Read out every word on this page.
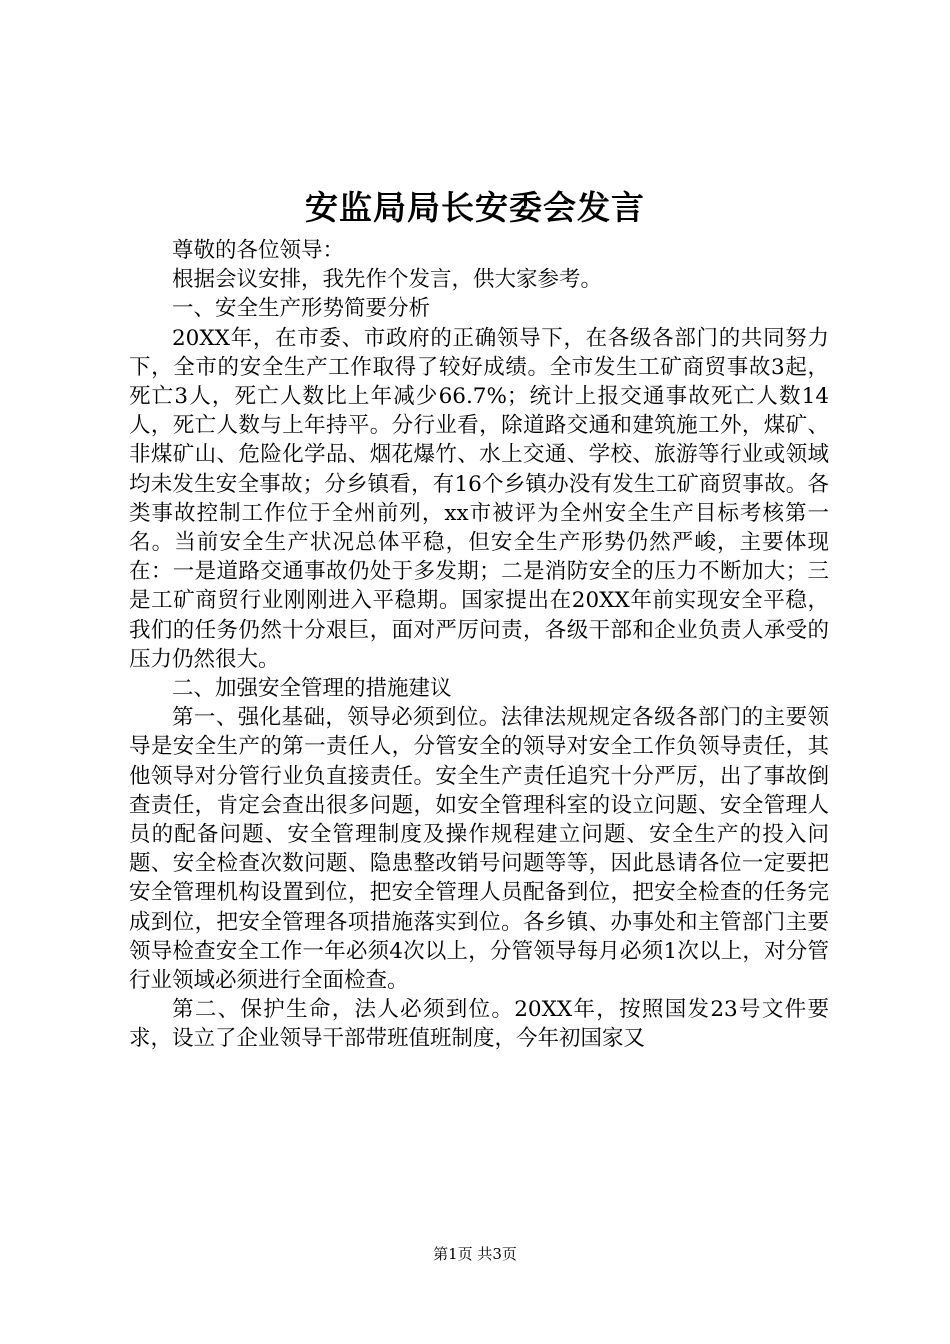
安监局局长安委会发言

尊敬的各位领导：

根据会议安排，我先作个发言，供大家参考。

一、安全生产形势简要分析

20XX年，在市委、市政府的正确领导下，在各级各部门的共同努力下，全市的安全生产工作取得了较好成绩。全市发生工矿商贸事故3起，死亡3人，死亡人数比上年减少66.7%；统计上报交通事故死亡人数14人，死亡人数与上年持平。分行业看，除道路交通和建筑施工外，煤矿、非煤矿山、危险化学品、烟花爆竹、水上交通、学校、旅游等行业或领域均未发生安全事故；分乡镇看，有16个乡镇办没有发生工矿商贸事故。各类事故控制工作位于全州前列，xx市被评为全州安全生产目标考核第一名。当前安全生产状况总体平稳，但安全生产形势仍然严峻，主要体现在：一是道路交通事故仍处于多发期；二是消防安全的压力不断加大；三是工矿商贸行业刚刚进入平稳期。国家提出在20XX年前实现安全平稳，我们的任务仍然十分艰巨，面对严厉问责，各级干部和企业负责人承受的压力仍然很大。

二、加强安全管理的措施建议

第一、强化基础，领导必须到位。法律法规规定各级各部门的主要领导是安全生产的第一责任人，分管安全的领导对安全工作负领导责任，其他领导对分管行业负直接责任。安全生产责任追究十分严厉，出了事故倒查责任，肯定会查出很多问题，如安全管理科室的设立问题、安全管理人员的配备问题、安全管理制度及操作规程建立问题、安全生产的投入问题、安全检查次数问题、隐患整改销号问题等等，因此恳请各位一定要把安全管理机构设置到位，把安全管理人员配备到位，把安全检查的任务完成到位，把安全管理各项措施落实到位。各乡镇、办事处和主管部门主要领导检查安全工作一年必须4次以上，分管领导每月必须1次以上，对分管行业领域必须进行全面检查。

第二、保护生命，法人必须到位。20XX年，按照国发23号文件要求，设立了企业领导干部带班值班制度，今年初国家又

第1页 共3页
